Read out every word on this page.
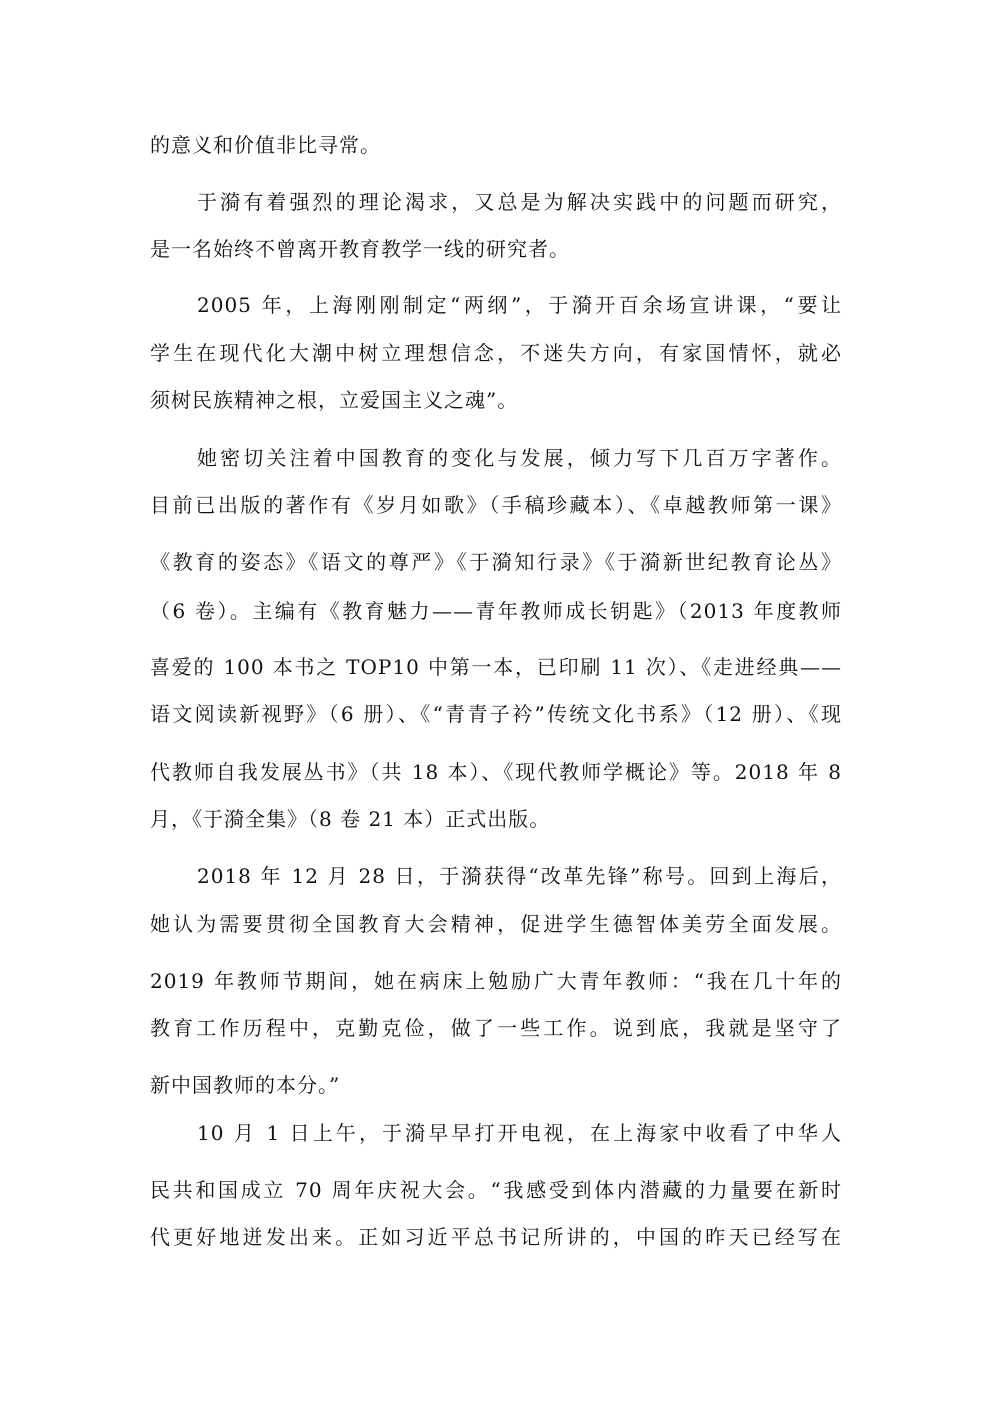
的意义和价值非比寻常。
于漪有着强烈的理论渴求，又总是为解决实践中的问题而研究，
是一名始终不曾离开教育教学一线的研究者。
2005 年，上海刚刚制定“两纲”，于漪开百余场宣讲课，“要让
学生在现代化大潮中树立理想信念，不迷失方向，有家国情怀，就必
须树民族精神之根，立爱国主义之魂”。
她密切关注着中国教育的变化与发展，倾力写下几百万字著作。
目前已出版的著作有《岁月如歌》（手稿珍藏本）、《卓越教师第一课》
《教育的姿态》《语文的尊严》《于漪知行录》《于漪新世纪教育论丛》
（6 卷）。主编有《教育魅力——青年教师成长钥匙》（2013 年度教师
喜爱的 100 本书之 TOP10 中第一本，已印刷 11 次）、《走进经典——
语文阅读新视野》（6 册）、《“青青子衿”传统文化书系》（12 册）、《现
代教师自我发展丛书》（共 18 本）、《现代教师学概论》等。2018 年 8
月，《于漪全集》（8 卷 21 本）正式出版。
2018 年 12 月 28 日，于漪获得“改革先锋”称号。回到上海后，
她认为需要贯彻全国教育大会精神，促进学生德智体美劳全面发展。
2019 年教师节期间，她在病床上勉励广大青年教师：“我在几十年的
教育工作历程中，克勤克俭，做了一些工作。说到底，我就是坚守了
新中国教师的本分。”
10 月 1 日上午，于漪早早打开电视，在上海家中收看了中华人
民共和国成立 70 周年庆祝大会。“我感受到体内潜藏的力量要在新时
代更好地迸发出来。正如习近平总书记所讲的，中国的昨天已经写在
